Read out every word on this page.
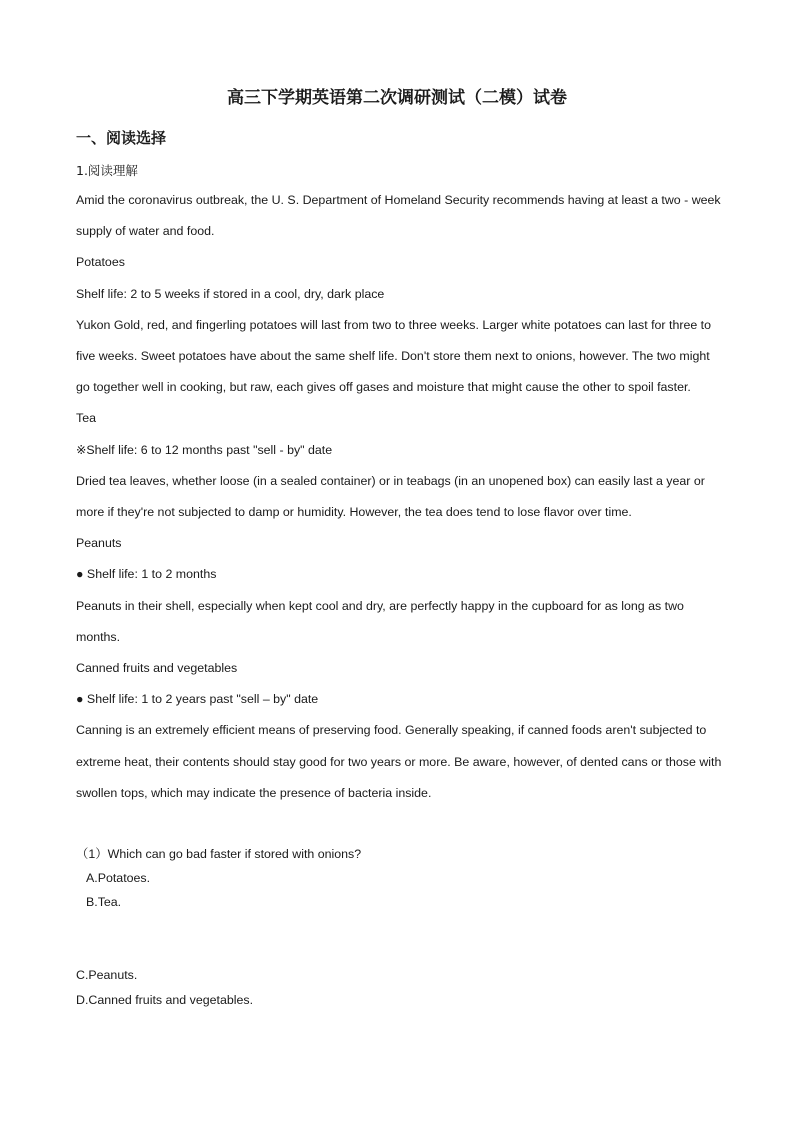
高三下学期英语第二次调研测试（二模）试卷
一、阅读选择
1.阅读理解

Amid the coronavirus outbreak, the U. S. Department of Homeland Security recommends having at least a two - week supply of water and food.

Potatoes

Shelf life: 2 to 5 weeks if stored in a cool, dry, dark place

Yukon Gold, red, and fingerling potatoes will last from two to three weeks. Larger white potatoes can last for three to five weeks. Sweet potatoes have about the same shelf life. Don't store them next to onions, however. The two might go together well in cooking, but raw, each gives off gases and moisture that might cause the other to spoil faster.

Tea

※Shelf life: 6 to 12 months past "sell - by" date

Dried tea leaves, whether loose (in a sealed container) or in teabags (in an unopened box) can easily last a year or more if they're not subjected to damp or humidity. However, the tea does tend to lose flavor over time.

Peanuts

● Shelf life: 1 to 2 months

Peanuts in their shell, especially when kept cool and dry, are perfectly happy in the cupboard for as long as two months.

Canned fruits and vegetables

● Shelf life: 1 to 2 years past "sell – by" date

Canning is an extremely efficient means of preserving food. Generally speaking, if canned foods aren't subjected to extreme heat, their contents should stay good for two years or more. Be aware, however, of dented cans or those with swollen tops, which may indicate the presence of bacteria inside.

（1）Which can go bad faster if stored with onions?

A.Potatoes.

B.Tea.

C.Peanuts.

D.Canned fruits and vegetables.
